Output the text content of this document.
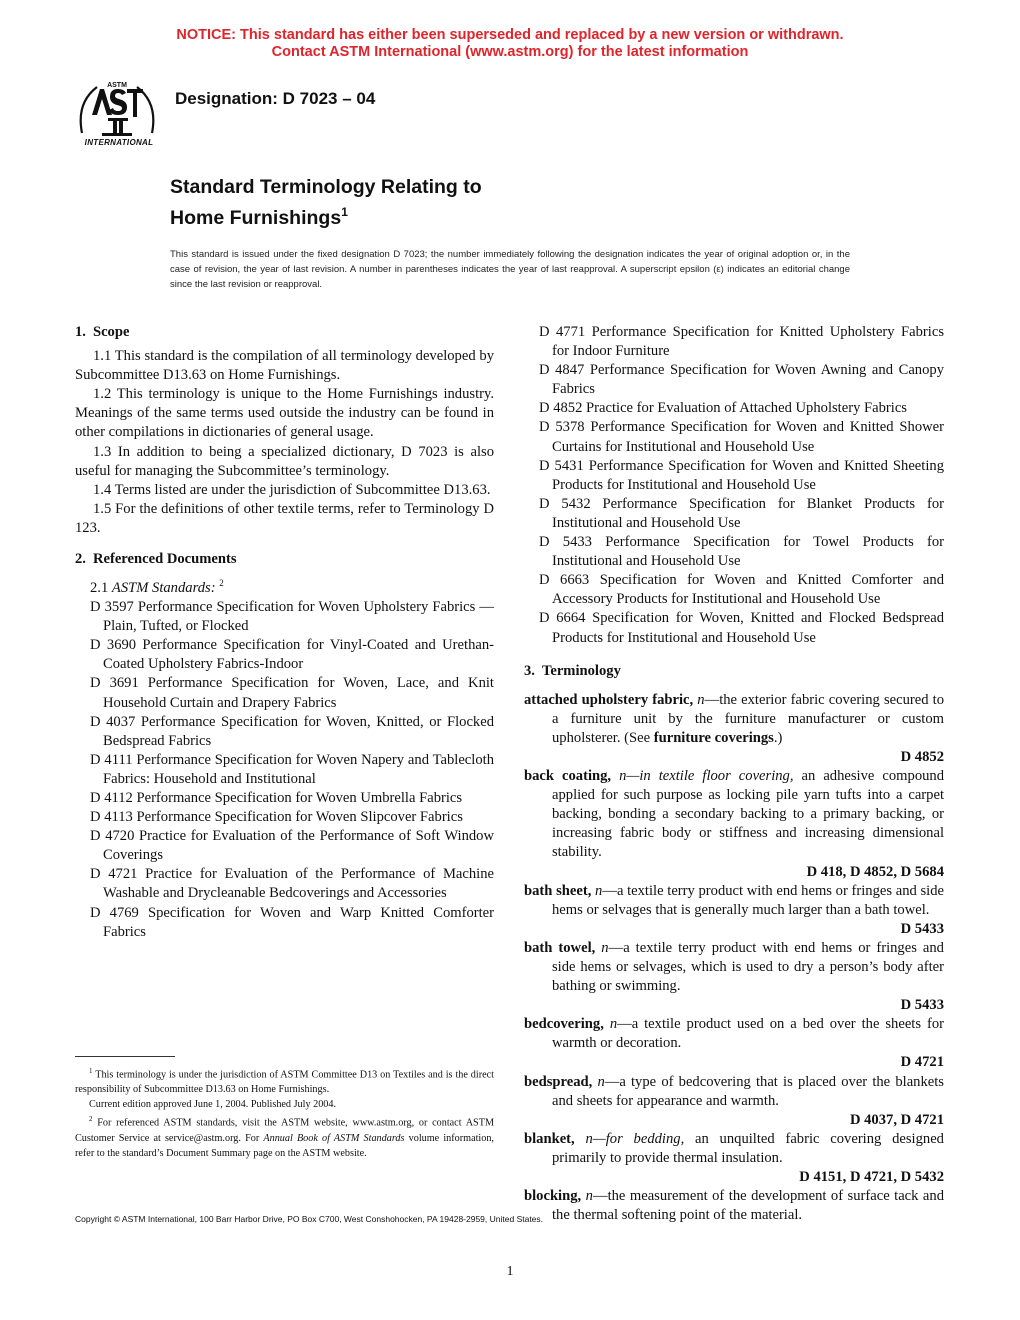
NOTICE: This standard has either been superseded and replaced by a new version or withdrawn.
Contact ASTM International (www.astm.org) for the latest information
ASTM
INTERNATIONAL
Designation: D 7023 – 04
Standard Terminology Relating to
Home Furnishings$^1$
This standard is issued under the fixed designation D 7023; the number immediately following the designation indicates the year of original adoption or, in the case of revision, the year of last revision. A number in parentheses indicates the year of last reapproval. A superscript epsilon (ε) indicates an editorial change since the last revision or reapproval.
1. Scope

1.1 This standard is the compilation of all terminology developed by Subcommittee D13.63 on Home Furnishings.

1.2 This terminology is unique to the Home Furnishings industry. Meanings of the same terms used outside the industry can be found in other compilations in dictionaries of general usage.

1.3 In addition to being a specialized dictionary, D 7023 is also useful for managing the Subcommittee’s terminology.

1.4 Terms listed are under the jurisdiction of Subcommittee D13.63.

1.5 For the definitions of other textile terms, refer to Terminology D 123.

2. Referenced Documents
2.1 ASTM Standards: $^2$
D 3597 Performance Specification for Woven Upholstery Fabrics — Plain, Tufted, or Flocked
D 3690 Performance Specification for Vinyl-Coated and Urethan-Coated Upholstery Fabrics-Indoor
D 3691 Performance Specification for Woven, Lace, and Knit Household Curtain and Drapery Fabrics
D 4037 Performance Specification for Woven, Knitted, or Flocked Bedspread Fabrics
D 4111 Performance Specification for Woven Napery and Tablecloth Fabrics: Household and Institutional
D 4112 Performance Specification for Woven Umbrella Fabrics
D 4113 Performance Specification for Woven Slipcover Fabrics
D 4720 Practice for Evaluation of the Performance of Soft Window Coverings
D 4721 Practice for Evaluation of the Performance of Machine Washable and Drycleanable Bedcoverings and Accessories
D 4769 Specification for Woven and Warp Knitted Comforter Fabrics
D 4771 Performance Specification for Knitted Upholstery Fabrics for Indoor Furniture
D 4847 Performance Specification for Woven Awning and Canopy Fabrics
D 4852 Practice for Evaluation of Attached Upholstery Fabrics
D 5378 Performance Specification for Woven and Knitted Shower Curtains for Institutional and Household Use
D 5431 Performance Specification for Woven and Knitted Sheeting Products for Institutional and Household Use
D 5432 Performance Specification for Blanket Products for Institutional and Household Use
D 5433 Performance Specification for Towel Products for Institutional and Household Use
D 6663 Specification for Woven and Knitted Comforter and Accessory Products for Institutional and Household Use
D 6664 Specification for Woven, Knitted and Flocked Bedspread Products for Institutional and Household Use
3. Terminology
attached upholstery fabric, n—the exterior fabric covering secured to a furniture unit by the furniture manufacturer or custom upholsterer. (See furniture coverings.)
D 4852
back coating, n—in textile floor covering, an adhesive compound applied for such purpose as locking pile yarn tufts into a carpet backing, bonding a secondary backing to a primary backing, or increasing fabric body or stiffness and increasing dimensional stability.
D 418, D 4852, D 5684
bath sheet, n—a textile terry product with end hems or fringes and side hems or selvages that is generally much larger than a bath towel.
D 5433
bath towel, n—a textile terry product with end hems or fringes and side hems or selvages, which is used to dry a person’s body after bathing or swimming.
D 5433
bedcovering, n—a textile product used on a bed over the sheets for warmth or decoration.
D 4721
bedspread, n—a type of bedcovering that is placed over the blankets and sheets for appearance and warmth.
D 4037, D 4721
blanket, n—for bedding, an unquilted fabric covering designed primarily to provide thermal insulation.
D 4151, D 4721, D 5432
blocking, n—the measurement of the development of surface tack and the thermal softening point of the material.

$^1$ This terminology is under the jurisdiction of ASTM Committee D13 on Textiles and is the direct responsibility of Subcommittee D13.63 on Home Furnishings.

Current edition approved June 1, 2004. Published July 2004.

$^2$ For referenced ASTM standards, visit the ASTM website, www.astm.org, or contact ASTM Customer Service at service@astm.org. For Annual Book of ASTM Standards volume information, refer to the standard’s Document Summary page on the ASTM website.

Copyright © ASTM International, 100 Barr Harbor Drive, PO Box C700, West Conshohocken, PA 19428-2959, United States.
1
